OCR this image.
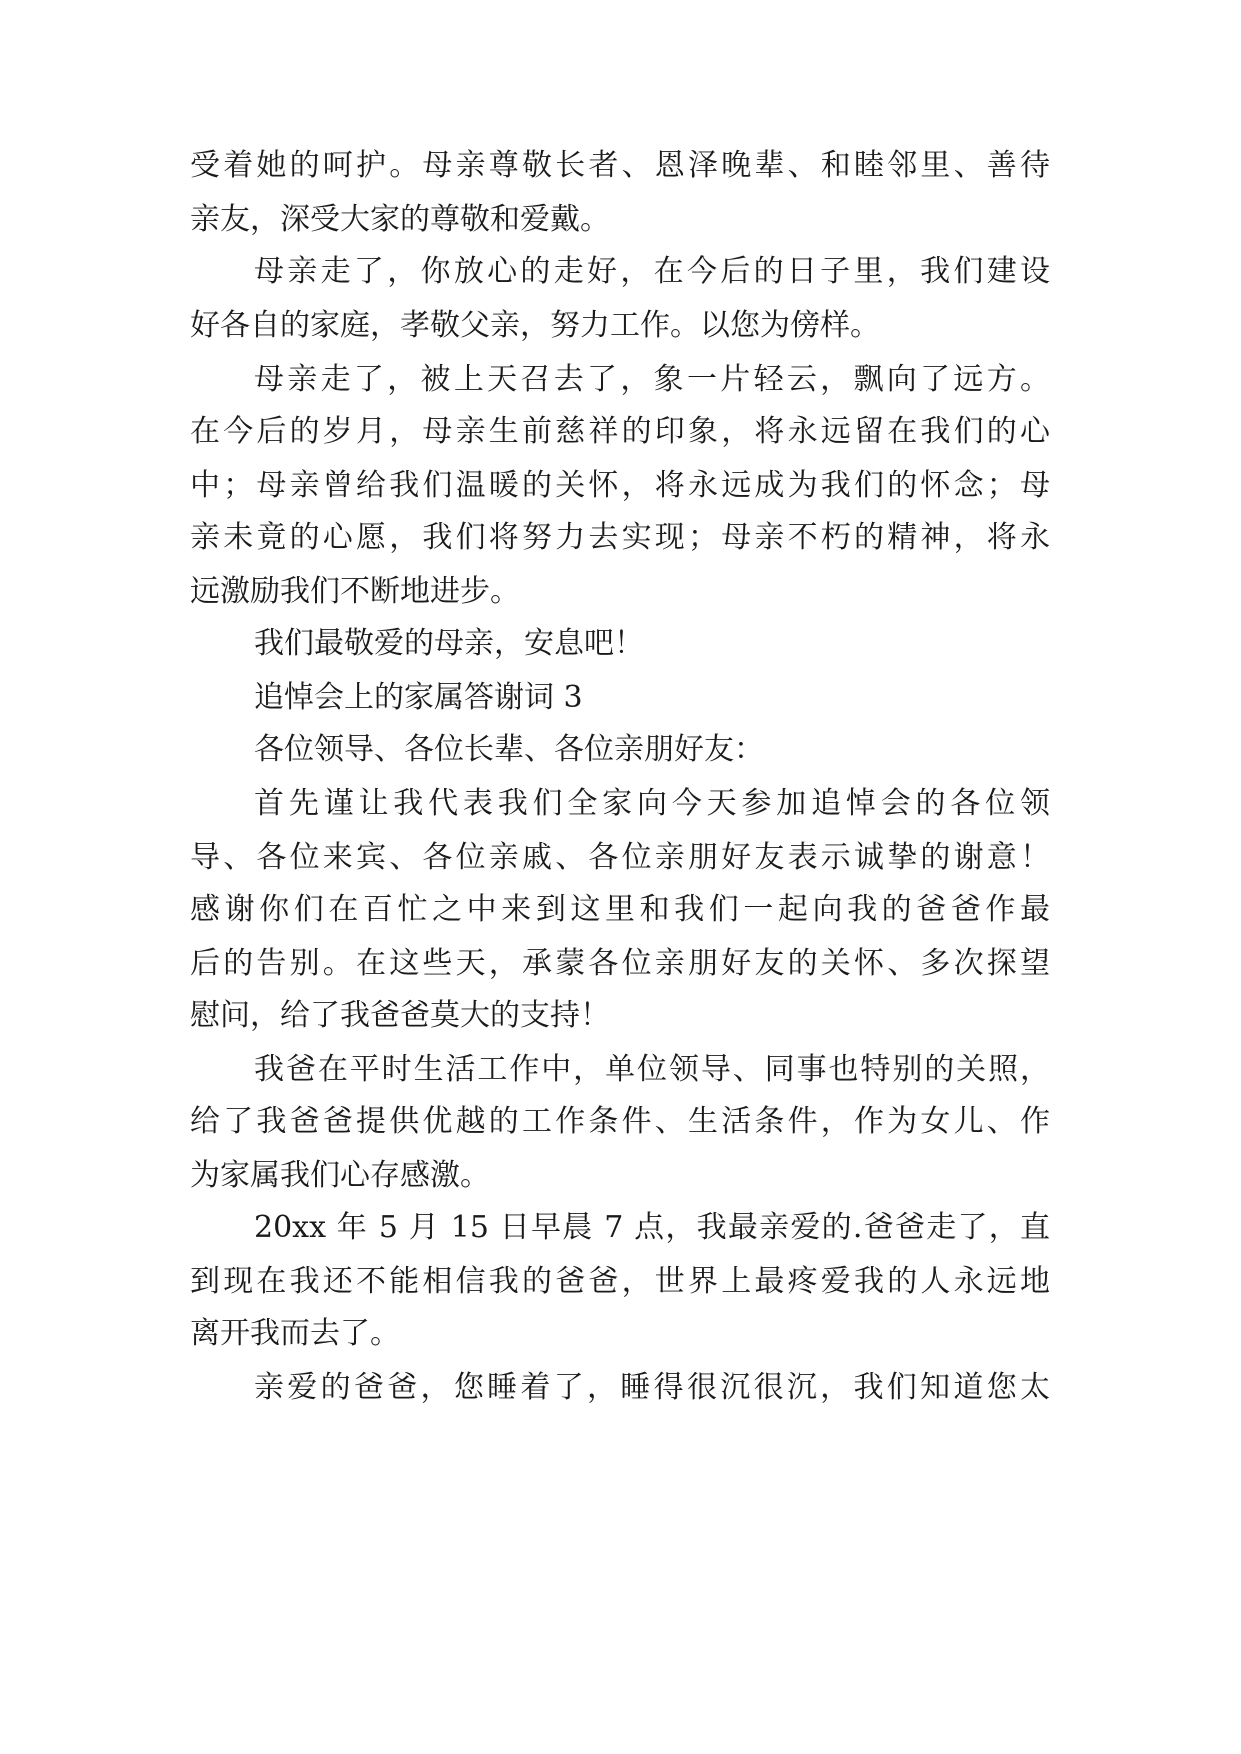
受着她的呵护。母亲尊敬长者、恩泽晚辈、和睦邻里、善待
亲友，深受大家的尊敬和爱戴。
母亲走了，你放心的走好，在今后的日子里，我们建设
好各自的家庭，孝敬父亲，努力工作。以您为傍样。
母亲走了，被上天召去了，象一片轻云，飘向了远方。
在今后的岁月，母亲生前慈祥的印象，将永远留在我们的心
中；母亲曾给我们温暖的关怀，将永远成为我们的怀念；母
亲未竟的心愿，我们将努力去实现；母亲不朽的精神，将永
远激励我们不断地进步。
我们最敬爱的母亲，安息吧！
追悼会上的家属答谢词 3
各位领导、各位长辈、各位亲朋好友：
首先谨让我代表我们全家向今天参加追悼会的各位领
导、各位来宾、各位亲戚、各位亲朋好友表示诚挚的谢意！
感谢你们在百忙之中来到这里和我们一起向我的爸爸作最
后的告别。在这些天，承蒙各位亲朋好友的关怀、多次探望
慰问，给了我爸爸莫大的支持！
我爸在平时生活工作中，单位领导、同事也特别的关照，
给了我爸爸提供优越的工作条件、生活条件，作为女儿、作
为家属我们心存感激。
20xx 年 5 月 15 日早晨 7 点，我最亲爱的.爸爸走了，直
到现在我还不能相信我的爸爸，世界上最疼爱我的人永远地
离开我而去了。
亲爱的爸爸，您睡着了，睡得很沉很沉，我们知道您太
